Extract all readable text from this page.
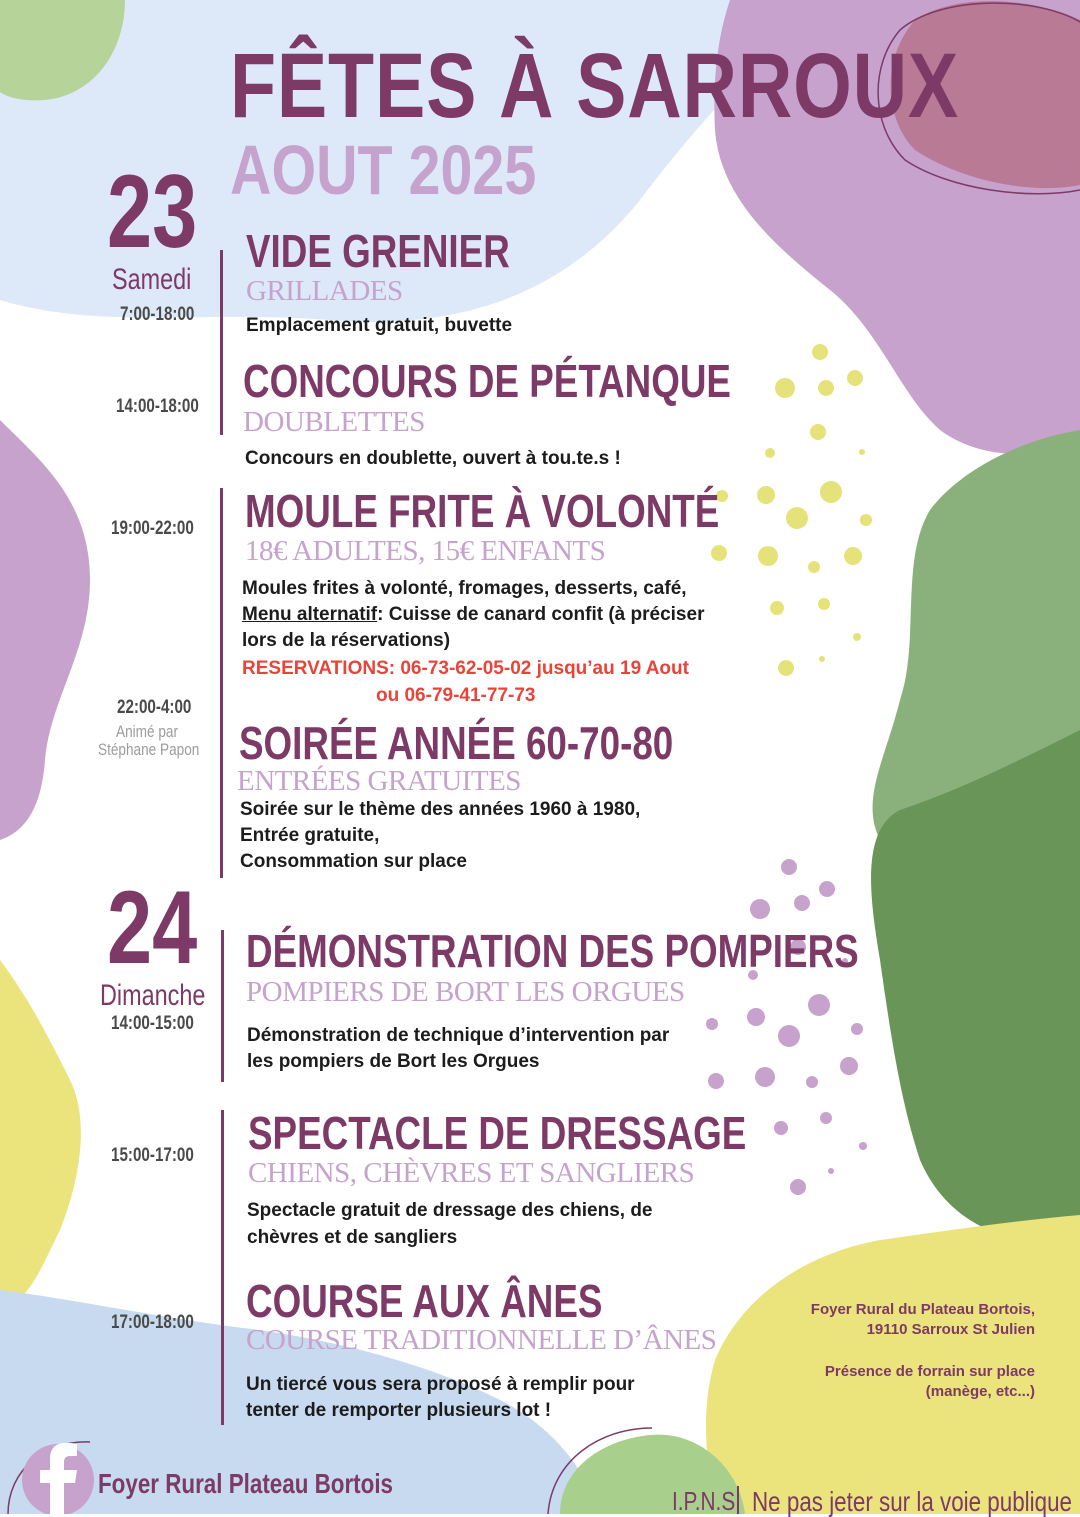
FÊTES À SARROUX
AOUT 2025
23
Samedi
24
Dimanche
7:00-18:00
VIDE GRENIER
GRILLADES
Emplacement gratuit, buvette
14:00-18:00 CONCOURS DE PÉTANQUE
DOUBLETTES
Concours en doublette, ouvert à tou.te.s !
19:00-22:00 MOULE FRITE À VOLONTÉ
18€ ADULTES, 15€ ENFANTS
Moules frites à volonté, fromages, desserts, café,
Menu alternatif: Cuisse de canard confit (à préciser
lors de la réservations)
RESERVATIONS: 06-73-62-05-02 jusqu’au 19 Aout
ou 06-79-41-77-73
22:00-4:00
Animé par
Stéphane Papon SOIRÉE ANNÉE 60-70-80
ENTRÉES GRATUITES
Soirée sur le thème des années 1960 à 1980,
Entrée gratuite,
Consommation sur place
14:00-15:00
DÉMONSTRATION DES POMPIERS
POMPIERS DE BORT LES ORGUES
Démonstration de technique d’intervention par
les pompiers de Bort les Orgues
15:00-17:00 SPECTACLE DE DRESSAGE
CHIENS, CHÈVRES ET SANGLIERS
Spectacle gratuit de dressage des chiens, de
chèvres et de sangliers
17:00-18:00 COURSE AUX ÂNES
COURSE TRADITIONNELLE D’ÂNES
Un tiercé vous sera proposé à remplir pour
tenter de remporter plusieurs lot !
Foyer Rural du Plateau Bortois,
19110 Sarroux St Julien
Présence de forrain sur place
(manège, etc...)
Foyer Rural Plateau Bortois
I.P.N.S Ne pas jeter sur la voie publique
